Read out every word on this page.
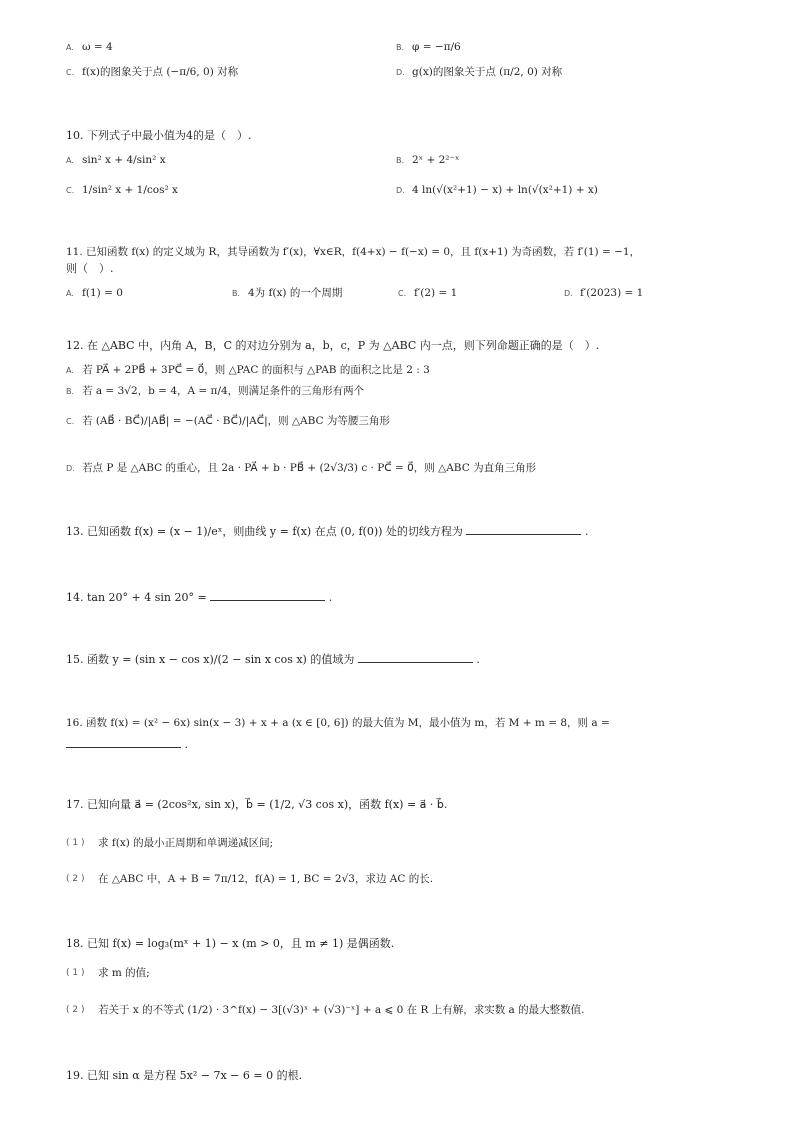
A. ω = 4	B. φ = −π/6
C. f(x)的图象关于点 (−π/6, 0) 对称	D. g(x)的图象关于点 (π/2, 0) 对称
10. 下列式子中最小值为4的是（　）.
A. sin² x + 4/sin² x	B. 2ˣ + 2²⁻ˣ
C. 1/sin² x + 1/cos² x	D. 4 ln(√(x²+1) − x) + ln(√(x²+1) + x)
11. 已知函数 f(x) 的定义域为 R，其导函数为 f′(x)，∀x∈R，f(4+x) − f(−x) = 0，且 f(x+1) 为奇函数，若 f′(1) = −1，
则（　）.
A. f(1) = 0	B. 4为 f(x) 的一个周期	C. f′(2) = 1	D. f′(2023) = 1
12. 在 △ABC 中，内角 A，B，C 的对边分别为 a，b，c，P 为 △ABC 内一点，则下列命题正确的是（　）.
A. 若 PA⃗ + 2PB⃗ + 3PC⃗ = 0⃗，则 △PAC 的面积与 △PAB 的面积之比是 2 : 3
B. 若 a = 3√2，b = 4，A = π/4，则满足条件的三角形有两个
C. 若 (AB⃗ · BC⃗)/|AB⃗| = −(AC⃗ · BC⃗)/|AC⃗|，则 △ABC 为等腰三角形
D. 若点 P 是 △ABC 的重心，且 2a · PA⃗ + b · PB⃗ + (2√3/3) c · PC⃗ = 0⃗，则 △ABC 为直角三角形
13. 已知函数 f(x) = (x − 1)/eˣ，则曲线 y = f(x) 在点 (0, f(0)) 处的切线方程为	.
14. tan 20° + 4 sin 20° =	.
15. 函数 y = (sin x − cos x)/(2 − sin x cos x) 的值域为	.
16. 函数 f(x) = (x² − 6x) sin(x − 3) + x + a (x ∈ [0, 6]) 的最大值为 M，最小值为 m，若 M + m = 8，则 a =
.
17. 已知向量 a⃗ = (2cos²x, sin x)，b⃗ = (1/2, √3 cos x)，函数 f(x) = a⃗ · b⃗.
( 1 ) 求 f(x) 的最小正周期和单调递减区间;
( 2 ) 在 △ABC 中，A + B = 7π/12，f(A) = 1, BC = 2√3，求边 AC 的长.
18. 已知 f(x) = log₃(mˣ + 1) − x (m > 0，且 m ≠ 1) 是偶函数.
( 1 ) 求 m 的值;
( 2 ) 若关于 x 的不等式 (1/2) · 3^f(x) − 3[(√3)ˣ + (√3)⁻ˣ] + a ⩽ 0 在 R 上有解，求实数 a 的最大整数值.
19. 已知 sin α 是方程 5x² − 7x − 6 = 0 的根.
